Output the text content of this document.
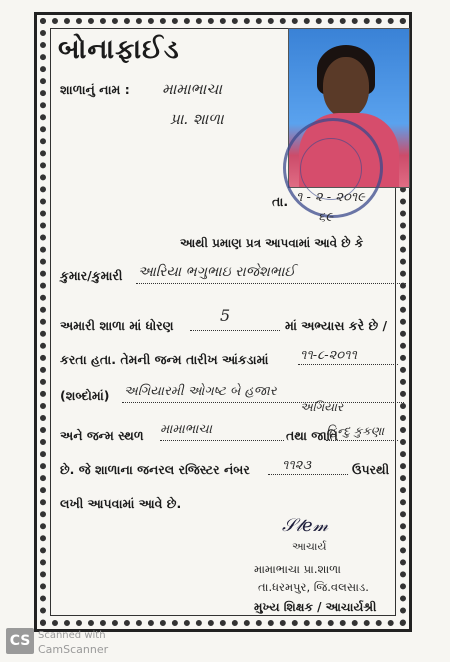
બોનાફાઈડ
શાળાનું નામ : મામાભાચા
પ્રા. શાળા
તા. ૧ - ૨ - ૨૦૧૯
૬૯
આથી પ્રમાણ પ્રત્ર આપવામાં આવે છે કે
કુમાર/કુમારી આરિયા ભગુભાઇ રાજેશભાઈ
અમારી શાળા માં ધોરણ
5
માં અભ્યાસ કરે છે /
કરતા હતા. તેમની જન્મ તારીખ આંકડામાં ૧૧-૮-૨૦૧૧
(શબ્દોમાં) અગિયારમી ઓગષ્ટ બે હજાર
અગિયાર
અને જન્મ સ્થળ મામાભાચા	તથા જાતિ
હિન્દુ કુકણા
છે. જે શાળાના જનરલ રજિસ્ટર નંબર ૧૧૨૩	ઉપરથી
લખી આપવામાં આવે છે.
𝒮𝓉𝑒𝓂
આચાર્ય
મામાભાચા પ્રા.શાળા
તા.ધરમપુર, જિ.વલસાડ.
મુખ્ય શિક્ષક / આચાર્યશ્રી
CS Scanned with
CamScanner
